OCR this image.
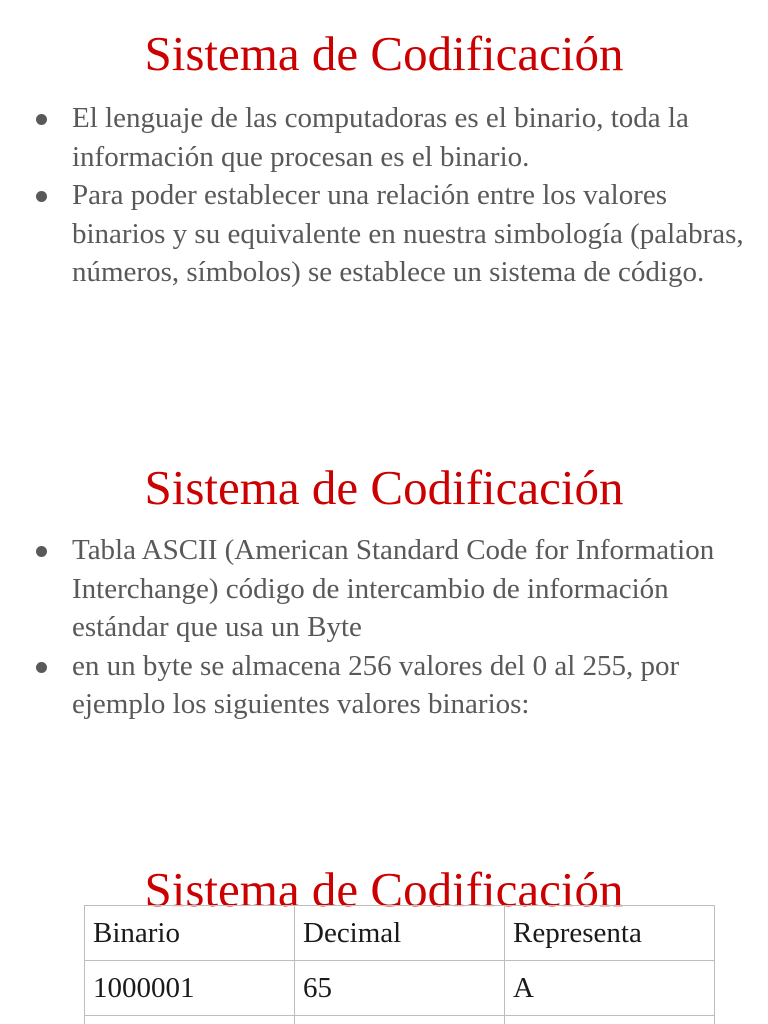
Sistema de Codificación
El lenguaje de las computadoras es el binario, toda la información que procesan es el binario.
Para poder establecer una relación entre los valores binarios y su equivalente en nuestra simbología (palabras, números, símbolos) se establece un sistema de código.
Sistema de Codificación
Tabla ASCII (American Standard Code for Information Interchange) código de intercambio de información estándar que usa un Byte
en un byte se almacena 256 valores del 0 al 255, por ejemplo los siguientes valores binarios:
Sistema de Codificación
Binario	Decimal	Representa
1000001	65	A
